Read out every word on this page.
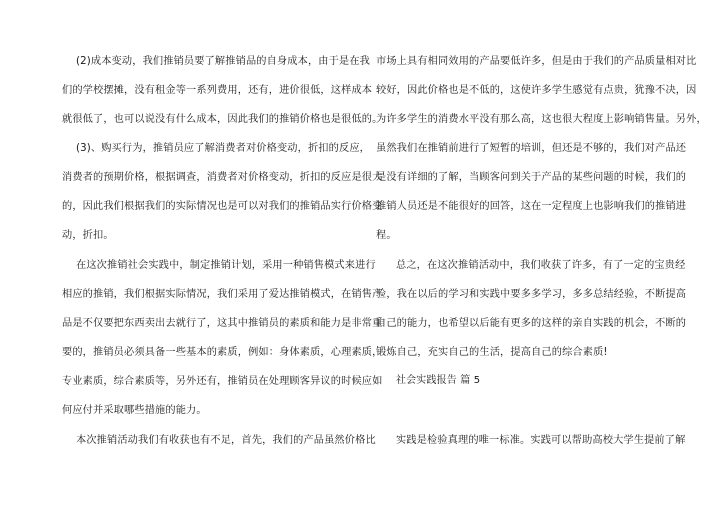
(2)成本变动，我们推销员要了解推销品的自身成本，由于是在我
们的学校摆摊，没有租金等一系列费用，还有，进价很低，这样成本
就很低了，也可以说没有什么成本，因此我们的推销价格也是很低的。
(3)、购买行为，推销员应了解消费者对价格变动，折扣的反应，
消费者的预期价格，根据调查，消费者对价格变动，折扣的反应是很大
的，因此我们根据我们的实际情况也是可以对我们的推销品实行价格变
动，折扣。
在这次推销社会实践中，制定推销计划，采用一种销售模式来进行
相应的推销，我们根据实际情况，我们采用了爱达推销模式，在销售产
品是不仅要把东西卖出去就行了，这其中推销员的素质和能力是非常重
要的，推销员必须具备一些基本的素质，例如：身体素质，心理素质，
专业素质，综合素质等，另外还有，推销员在处理顾客异议的时候应如
何应付并采取哪些措施的能力。
本次推销活动我们有收获也有不足，首先，我们的产品虽然价格比
市场上具有相同效用的产品要低许多，但是由于我们的产品质量相对比
较好，因此价格也是不低的，这使许多学生感觉有点贵，犹豫不决，因
为许多学生的消费水平没有那么高，这也很大程度上影响销售量。另外，
虽然我们在推销前进行了短暂的培训，但还是不够的，我们对产品还
是没有详细的了解，当顾客问到关于产品的某些问题的时候，我们的
推销人员还是不能很好的回答，这在一定程度上也影响我们的推销进
程。
总之，在这次推销活动中，我们收获了许多，有了一定的宝贵经
验，我在以后的学习和实践中要多多学习，多多总结经验，不断提高
自己的能力，也希望以后能有更多的这样的亲自实践的机会，不断的
锻炼自己，充实自己的生活，提高自己的综合素质!
社会实践报告 篇 5
实践是检验真理的唯一标准。实践可以帮助高校大学生提前了解
